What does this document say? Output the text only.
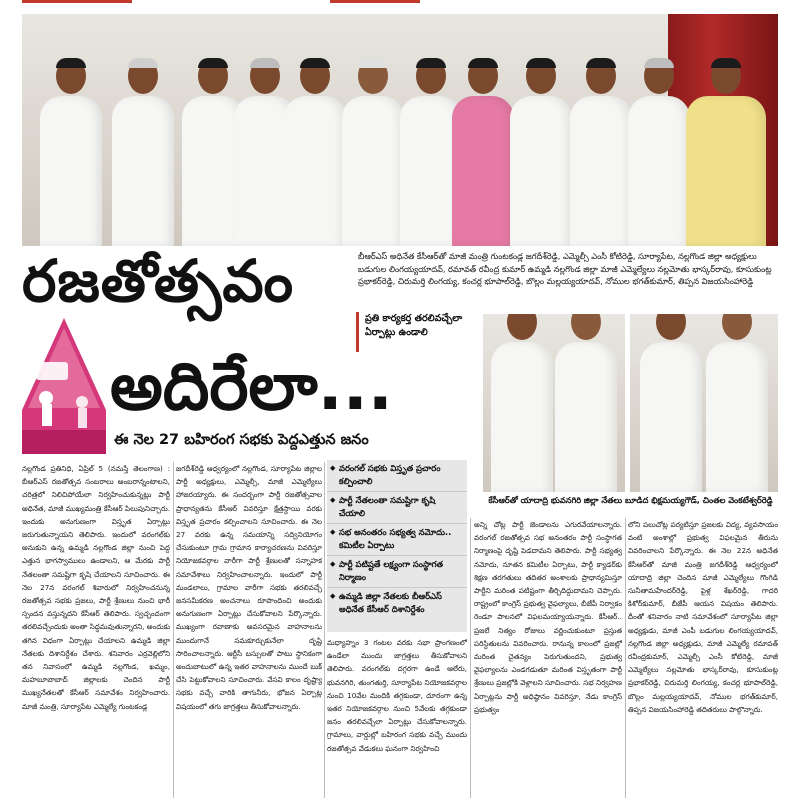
బీఆర్ఎస్ అధినేత కేసీఆర్‌తో మాజీ మంత్రి గుంటకండ్ల జగదీశ్‌రెడ్డి, ఎమ్మెల్సీ ఎంసీ కోటిరెడ్డి, సూర్యాపేట, నల్లగొండ జిల్లా అధ్యక్షులు బడుగుల లింగయ్యయాదవ్, రమావత్ రవీంద్ర కుమార్ ఉమ్మడి నల్లగొండ జిల్లా మాజీ ఎమ్మెల్యేలు నల్లమోతు భాస్కర్‌రావు, కూసుకుంట్ల ప్రభాకర్‌రెడ్డి, చిరుమర్తి లింగయ్య, కంచర్ల భూపాల్‌రెడ్డి, బొల్లం మల్లయ్యయాదవ్, నోముల భగత్‌కుమార్, తిప్పన విజయసింహారెడ్డి
రజతోత్సవం
ప్రతి కార్యకర్త తరలివచ్చేలా ఏర్పాట్లు ఉండాలి
అదిరేలా...
ఈ నెల 27 బహిరంగ సభకు పెద్దఎత్తున జనం
కేసీఆర్‌తో యాదాద్రి భువనగిరి జిల్లా నేతలు బూడిద భిక్షమయ్యగౌడ్, చింతల వెంకటేశ్వర్‌రెడ్డి
◆ వరంగల్ సభకు విస్తృత ప్రచారం కల్పించాలి
◆ పార్టీ నేతలంతా సమష్టిగా కృషి చేయాలి
◆ సభ అనంతరం సభ్యత్వ నమోదు.. కమిటీల ఏర్పాటు
◆ పార్టీ పటిష్టతే లక్ష్యంగా సంస్థాగత నిర్మాణం
◆ ఉమ్మడి జిల్లా నేతలకు బీఆర్ఎస్ అధినేత కేసీఆర్ దిశానిర్దేశం
నల్లగొండ ప్రతినిధి, ఏప్రిల్ 5 (నమస్తే తెలంగాణ) : బీఆర్ఎస్ రజతోత్సవ సంబరాలు అంబరాన్నంటాలని, చరిత్రలో నిలిచిపోయేలా నిర్వహించుకున్నట్లు పార్టీ అధినేత, మాజీ ముఖ్యమంత్రి కేసీఆర్ పిలుపునిచ్చారు. ఇందుకు అనుగుణంగా విస్తృత ఏర్పాట్లు జరుగుతున్నాయని తెలిపారు. ఇందులో వరంగల్‌కు అనుకుని ఉన్న ఉమ్మడి నల్లగొండ జిల్లా నుంచి పెద్ద ఎత్తున భాగస్వాములు ఉండాలని, ఆ మేరకు పార్టీ నేతలంతా సమష్టిగా కృషి చేయాలని సూచించారు. ఈ నెల 27న వరంగల్ శివారులో నిర్వహించనున్న రజతోత్సవ సభకు ప్రజలు, పార్టీ శ్రేణులు నుంచి భారీ స్పందన వస్తున్నదని కేసీఆర్ తెలిపారు. స్వచ్ఛందంగా తరలివచ్చేందుకు అంతా సిద్ధమవుతున్నారని, అందుకు తగిన విధంగా ఏర్పాట్లు చేయాలని ఉమ్మడి జిల్లా నేతలకు దిశానిర్దేశం చేశారు. శనివారం ఎర్రవెల్లిలోని తన నివాసంలో ఉమ్మడి నల్లగొండ, ఖమ్మం, మహబూబాబాద్ జిల్లాలకు చెందిన పార్టీ ముఖ్యనేతలతో కేసీఆర్ సమావేశం నిర్వహించారు. మాజీ మంత్రి, సూర్యాపేట ఎమ్మెల్యే గుంటకండ్ల
జగదీశ్‌రెడ్డి ఆధ్వర్యంలో నల్లగొండ, సూర్యాపేట జిల్లాల పార్టీ అధ్యక్షులు, ఎమ్మెల్సీ, మాజీ ఎమ్మెల్యేలు హాజరయ్యారు. ఈ సందర్భంగా పార్టీ రజతోత్సవాల ప్రాధాన్యతను కేసీఆర్ వివరిస్తూ క్షేత్రస్థాయి వరకు విస్తృత ప్రచారం కల్పించాలని సూచించారు. ఈ నెల 27 వరకు ఉన్న సమయాన్ని సద్వినియోగం చేసుకుంటూ గ్రామ గ్రామాన కార్యాచరణను వివరిస్తూ నియోజకవర్గాల వారీగా పార్టీ శ్రేణులతో సన్నాహక సమావేశాలు నిర్వహించాలన్నారు. ఇందులో పార్టీ మండలాలు, గ్రామాల వారీగా సభకు తరలివచ్చే జనసమీకరణ అంచనాలు రూపొందించి అందుకు అనుగుణంగా ఏర్పాట్లు చేసుకోవాలని పేర్కొన్నారు. ముఖ్యంగా రవాణాకు అవసరమైన వాహనాలను ముందుగానే సమకూర్చుకునేలా దృష్టి సారించాలన్నారు. ఆర్టీసీ బస్సులతో పాటు స్థానికంగా అందుబాటులో ఉన్న ఇతర వాహనాలను ముందే బుక్ చేసి పెట్టుకోవాలని సూచించారు. వేసవి కాలం దృష్ట్యా సభకు వచ్చే వారికి తాగునీరు, భోజన ఏర్పాట్ల విషయంలో తగు జాగ్రత్తలు తీసుకోవాలన్నారు.
మధ్యాహ్నం 3 గంటల వరకు సభా ప్రాంగణంలో ఉండేలా ముందు జాగ్రత్తలు తీసుకోవాలని తెలిపారు. వరంగల్‌కు దగ్గరగా ఉండే ఆలేరు, భువనగిరి, తుంగతుర్తి, సూర్యాపేట నియోజకవర్గాల నుంచి 10వేల మందికి తగ్గకుండా, దూరంగా ఉన్న ఇతర నియోజకవర్గాల నుంచి 5వేలకు తగ్గకుండా జనం తరలివచ్చేలా ఏర్పాట్లు చేసుకోవాలన్నారు. గ్రామాలు, వార్డుల్లో బహిరంగ సభకు వచ్చే ముందు రజతోత్సవ వేడుకలు ఘనంగా నిర్వహించి
అన్ని చోట్ల పార్టీ జెండాలను ఎగురవేయాలన్నారు. వరంగల్ రజతోత్సవ సభ అనంతరం పార్టీ సంస్థాగత నిర్మాణంపై దృష్టి పెడదామని తెలిపారు. పార్టీ సభ్యత్వ నమోదు, నూతన కమిటీల ఏర్పాటు, పార్టీ క్యాడర్‌కు శిక్షణ తరగతులు తదితర అంశాలకు ప్రాధాన్యమిస్తూ పార్టీని మరింత పటిష్టంగా తీర్చిదిద్దుదామని చెప్పారు. రాష్ట్రంలో కాంగ్రెస్ ప్రభుత్వ వైఫల్యాలు, బీజేపీ నిర్వాకం రెండూ పాలనలో విఫలమయ్యాయన్నారు. కేసీఆర్.. ప్రజలే నిత్యం రోజులు వర్ణించుకుంటూ ప్రస్తుత పరిస్థితులను వివరించారు. రానున్న కాలంలో ప్రజల్లో మరింత చైతన్యం పెరుగుతుందని, ప్రభుత్వ వైఫల్యాలను ఎండగడుతూ మరింత విస్తృతంగా పార్టీ శ్రేణులు ప్రజల్లోకి వెళ్లాలని సూచించారు. సభ నిర్వహణ ఏర్పాట్లను పార్టీ అధిష్ఠానం వివరిస్తూ, నేడు కాంగ్రెస్ ప్రభుత్వం
లోని పలుచోట్ల పర్యటిస్తూ ప్రజలకు విద్య, వ్యవసాయం వంటి అంశాల్లో ప్రభుత్వ విఫలమైన తీరును వివరించాలని పేర్కొన్నారు. ఈ నెల 22న అధినేత కేసీఆర్‌తో మాజీ మంత్రి జగదీశ్‌రెడ్డి ఆధ్వర్యంలో యాదాద్రి జిల్లా చెందిన మాజీ ఎమ్మెల్యేలు గొంగిడి సునీతామహేందర్‌రెడ్డి, పైళ్ల శేఖర్‌రెడ్డి, గాదరి కిశోర్‌కుమార్, బీజేపీ ఆయన విషయం తెలిపారు. దీంతో శనివారం నాటి సమావేశంలో సూర్యాపేట జిల్లా అధ్యక్షుడు, మాజీ ఎంపీ బడుగుల లింగయ్యయాదవ్, నల్లగొండ జిల్లా అధ్యక్షుడు, మాజీ ఎమ్మెల్యే రమావత్ రవీంద్రకుమార్, ఎమ్మెల్సీ ఎంసీ కోటిరెడ్డి, మాజీ ఎమ్మెల్యేలు నల్లమోతు భాస్కర్‌రావు, కూసుకుంట్ల ప్రభాకర్‌రెడ్డి, చిరుమర్తి లింగయ్య, కంచర్ల భూపాల్‌రెడ్డి, బొల్లం మల్లయ్యయాదవ్, నోముల భగత్‌కుమార్, తిప్పన విజయసింహారెడ్డి తదితరులు పాల్గొన్నారు.
